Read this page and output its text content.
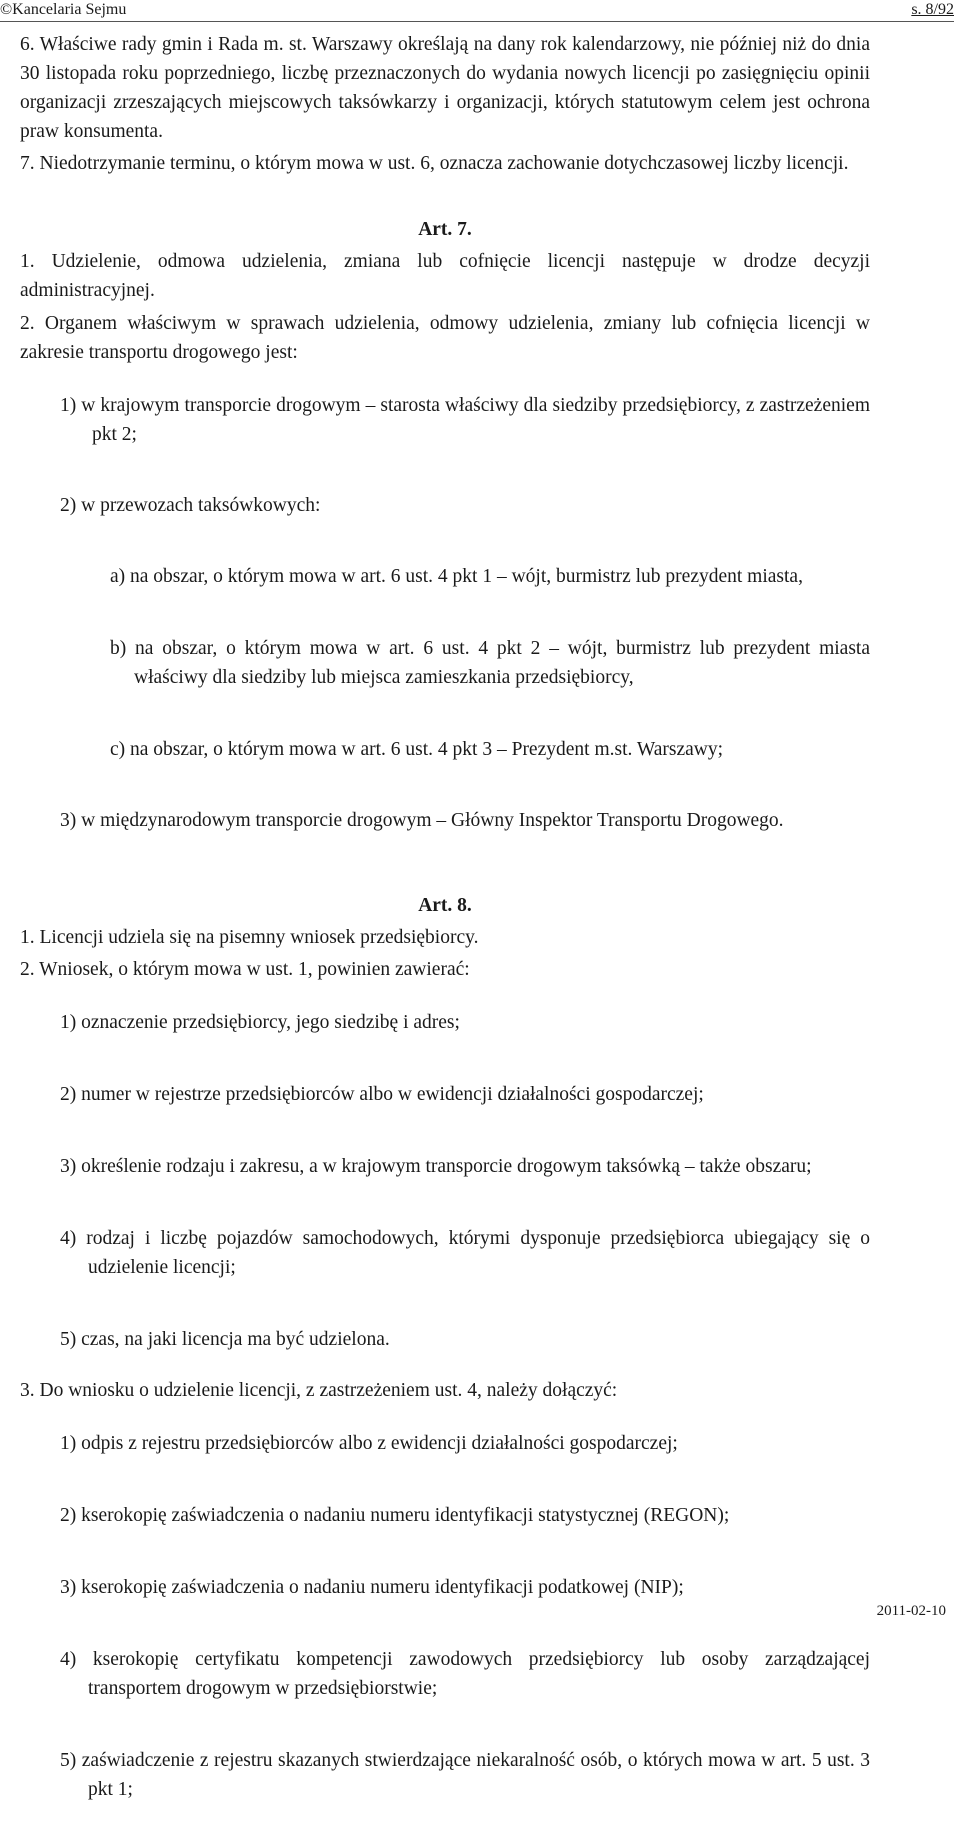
©Kancelaria Sejmu	s. 8/92

6. Właściwe rady gmin i Rada m. st. Warszawy określają na dany rok kalendarzowy, nie później niż do dnia 30 listopada roku poprzedniego, liczbę przeznaczonych do wydania nowych licencji po zasięgnięciu opinii organizacji zrzeszających miejscowych taksówkarzy i organizacji, których statutowym celem jest ochrona praw konsumenta.

7. Niedotrzymanie terminu, o którym mowa w ust. 6, oznacza zachowanie dotychczasowej liczby licencji.

Art. 7.

1. Udzielenie, odmowa udzielenia, zmiana lub cofnięcie licencji następuje w drodze decyzji administracyjnej.

2. Organem właściwym w sprawach udzielenia, odmowy udzielenia, zmiany lub cofnięcia licencji w zakresie transportu drogowego jest:

1) w krajowym transporcie drogowym – starosta właściwy dla siedziby przedsiębiorcy, z zastrzeżeniem pkt 2;

2) w przewozach taksówkowych:

a) na obszar, o którym mowa w art. 6 ust. 4 pkt 1 – wójt, burmistrz lub prezydent miasta,

b) na obszar, o którym mowa w art. 6 ust. 4 pkt 2 – wójt, burmistrz lub prezydent miasta właściwy dla siedziby lub miejsca zamieszkania przedsiębiorcy,

c) na obszar, o którym mowa w art. 6 ust. 4 pkt 3 – Prezydent m.st. Warszawy;

3) w międzynarodowym transporcie drogowym – Główny Inspektor Transportu Drogowego.

Art. 8.

1. Licencji udziela się na pisemny wniosek przedsiębiorcy.

2. Wniosek, o którym mowa w ust. 1, powinien zawierać:

1) oznaczenie przedsiębiorcy, jego siedzibę i adres;

2) numer w rejestrze przedsiębiorców albo w ewidencji działalności gospodarczej;

3) określenie rodzaju i zakresu, a w krajowym transporcie drogowym taksówką – także obszaru;

4) rodzaj i liczbę pojazdów samochodowych, którymi dysponuje przedsiębiorca ubiegający się o udzielenie licencji;

5) czas, na jaki licencja ma być udzielona.

3. Do wniosku o udzielenie licencji, z zastrzeżeniem ust. 4, należy dołączyć:

1) odpis z rejestru przedsiębiorców albo z ewidencji działalności gospodarczej;

2) kserokopię zaświadczenia o nadaniu numeru identyfikacji statystycznej (REGON);

3) kserokopię zaświadczenia o nadaniu numeru identyfikacji podatkowej (NIP);

4) kserokopię certyfikatu kompetencji zawodowych przedsiębiorcy lub osoby zarządzającej transportem drogowym w przedsiębiorstwie;

5) zaświadczenie z rejestru skazanych stwierdzające niekaralność osób, o których mowa w art. 5 ust. 3 pkt 1;

2011-02-10
